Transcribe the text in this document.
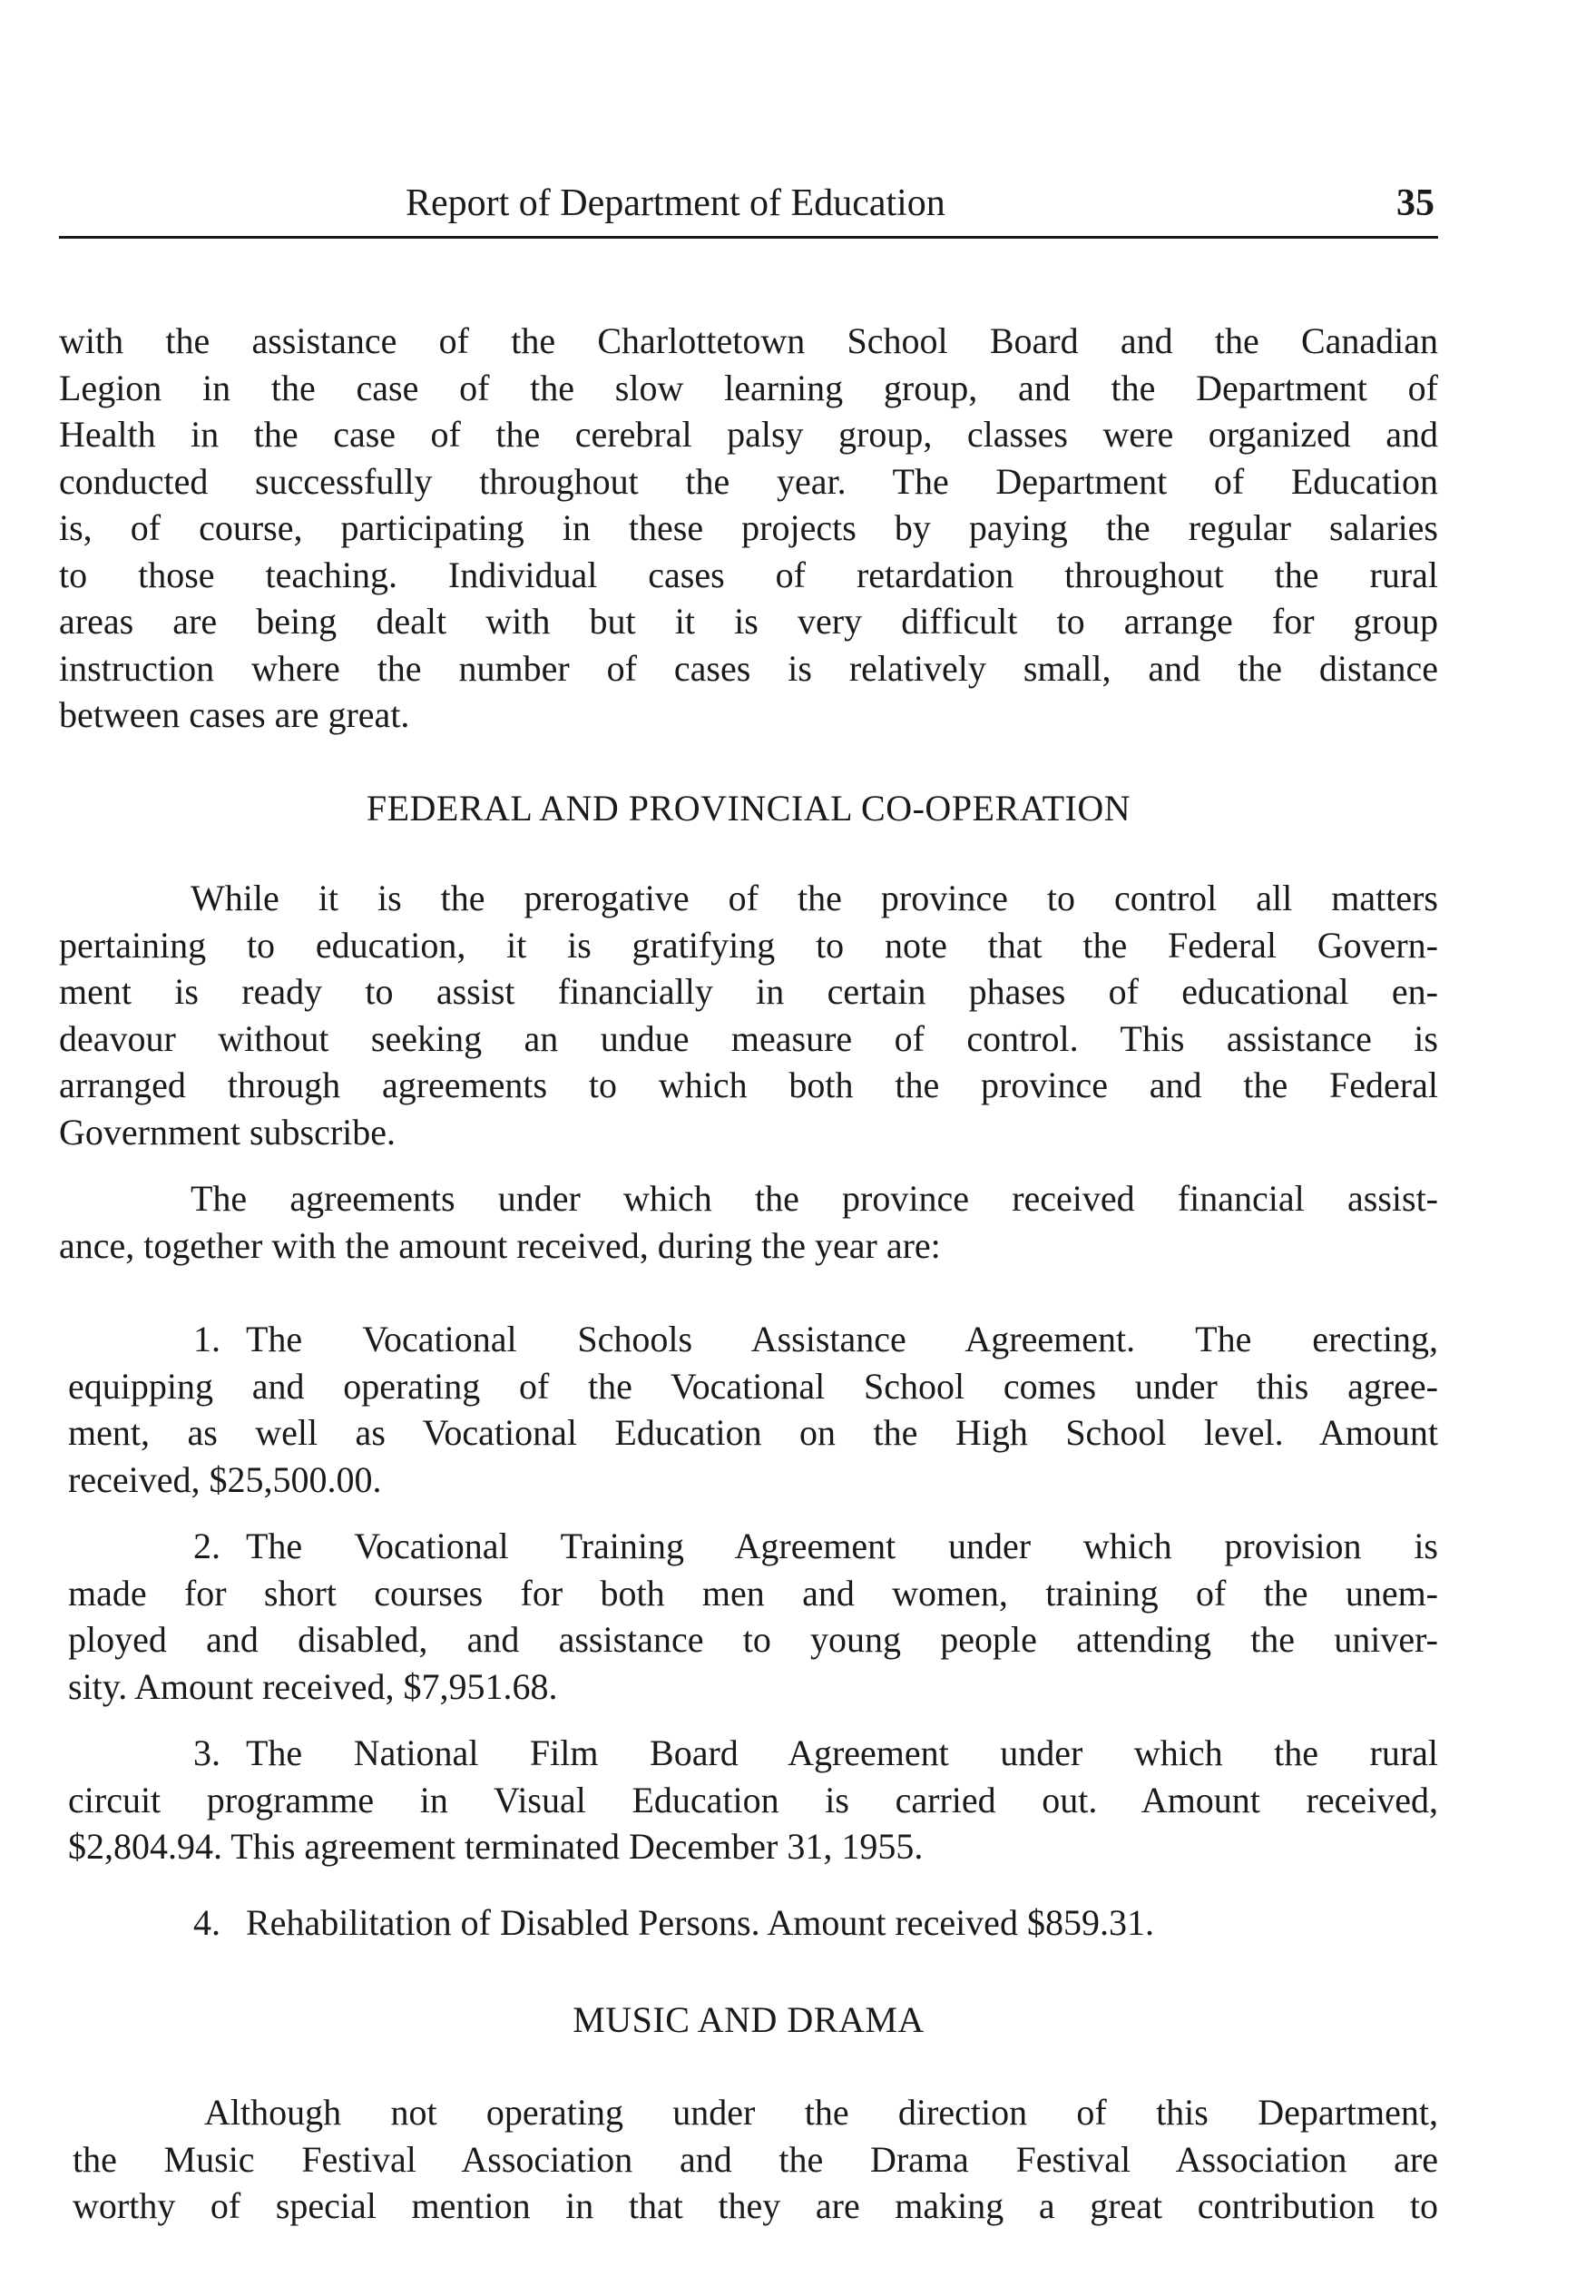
Report of Department of Education	35
with the assistance of the Charlottetown School Board and the Canadian
Legion in the case of the slow learning group, and the Department of
Health in the case of the cerebral palsy group, classes were organized and
conducted successfully throughout the year. The Department of Education
is, of course, participating in these projects by paying the regular salaries
to those teaching. Individual cases of retardation throughout the rural
areas are being dealt with but it is very difficult to arrange for group
instruction where the number of cases is relatively small, and the distance
between cases are great.
FEDERAL AND PROVINCIAL CO-OPERATION
While it is the prerogative of the province to control all matters
pertaining to education, it is gratifying to note that the Federal Govern-
ment is ready to assist financially in certain phases of educational en-
deavour without seeking an undue measure of control. This assistance is
arranged through agreements to which both the province and the Federal
Government subscribe.
The agreements under which the province received financial assist-
ance, together with the amount received, during the year are:
1. The Vocational Schools Assistance Agreement. The erecting,
equipping and operating of the Vocational School comes under this agree-
ment, as well as Vocational Education on the High School level. Amount
received, $25,500.00.
2. The Vocational Training Agreement under which provision is
made for short courses for both men and women, training of the unem-
ployed and disabled, and assistance to young people attending the univer-
sity. Amount received, $7,951.68.
3. The National Film Board Agreement under which the rural
circuit programme in Visual Education is carried out. Amount received,
$2,804.94. This agreement terminated December 31, 1955.
4. Rehabilitation of Disabled Persons. Amount received $859.31.
MUSIC AND DRAMA
Although not operating under the direction of this Department,
the Music Festival Association and the Drama Festival Association are
worthy of special mention in that they are making a great contribution to
